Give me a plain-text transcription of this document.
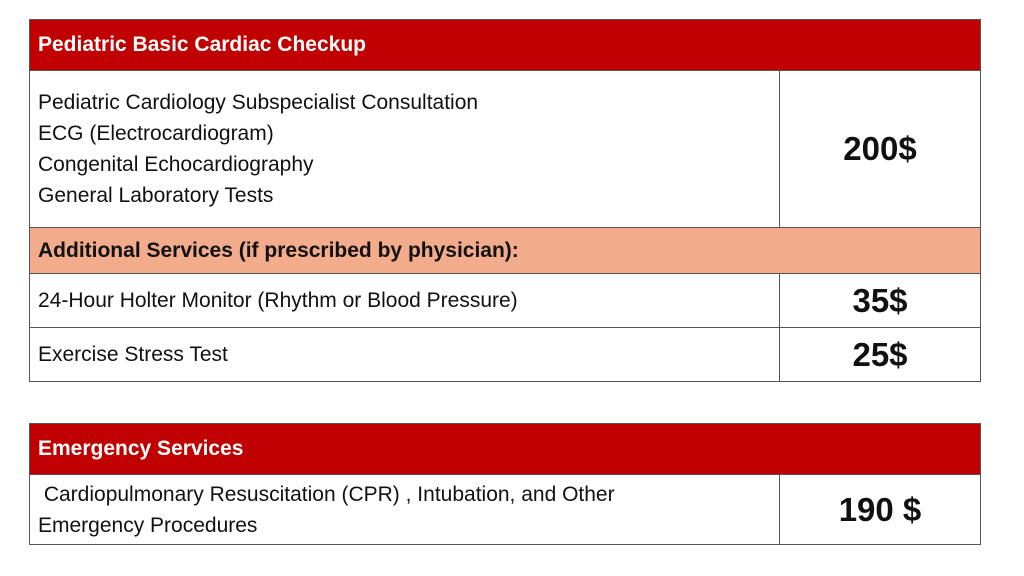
Pediatric Basic Cardiac Checkup	

Pediatric Cardiology Subspecialist Consultation
ECG (Electrocardiogram)
Congenital Echocardiography
General Laboratory Tests	200$
Additional Services (if prescribed by physician):	
24-Hour Holter Monitor (Rhythm or Blood Pressure)	35$
Exercise Stress Test	25$
Emergency Services

Cardiopulmonary Resuscitation (CPR) , Intubation, and Other
Emergency Procedures	190 $
